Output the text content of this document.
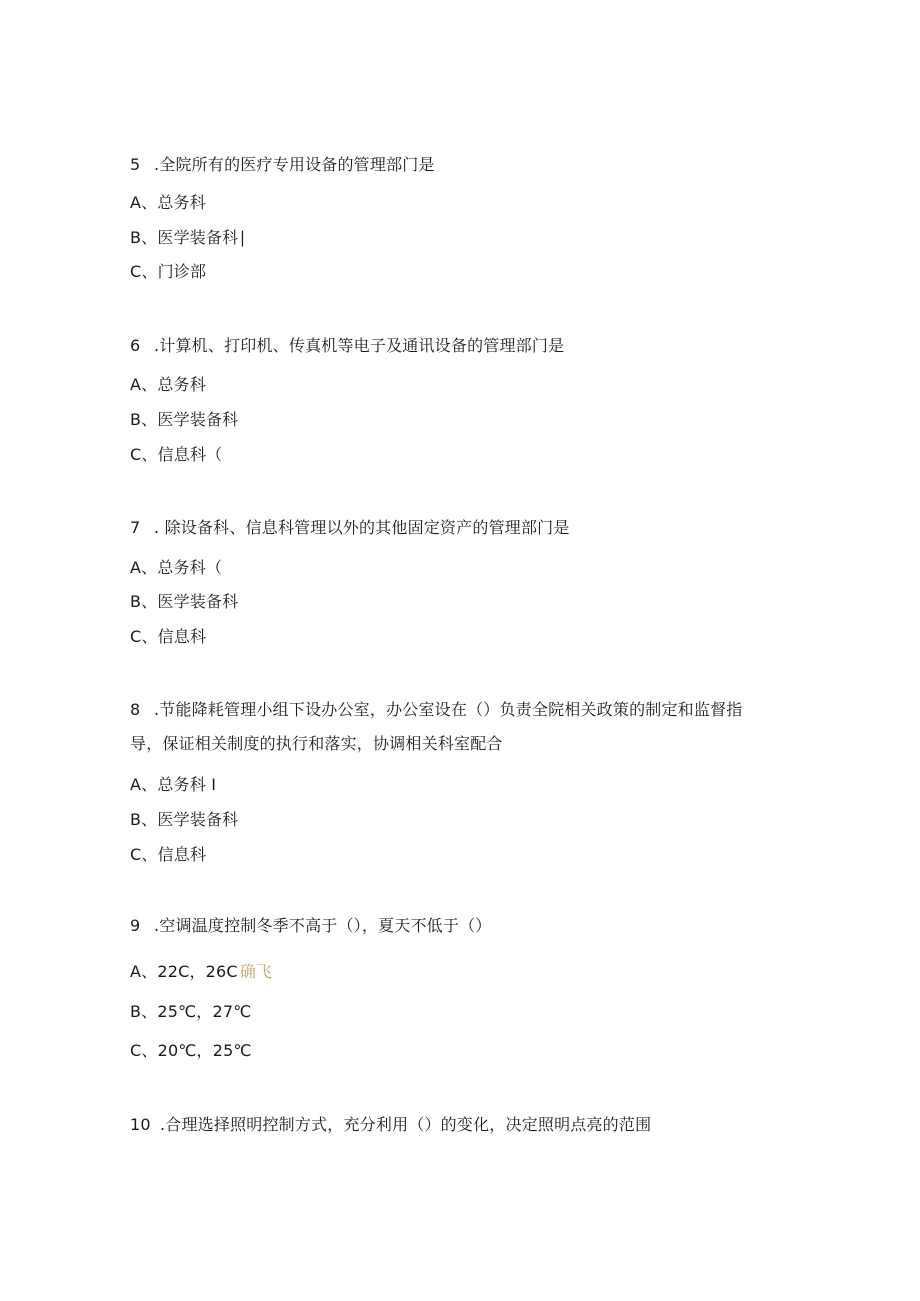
5 .全院所有的医疗专用设备的管理部门是
A、总务科
B、医学装备科∣
C、门诊部
6 .计算机、打印机、传真机等电子及通讯设备的管理部门是
A、总务科
B、医学装备科
C、信息科（
7 . 除设备科、信息科管理以外的其他固定资产的管理部门是
A、总务科（
B、医学装备科
C、信息科
8 .节能降耗管理小组下设办公室，办公室设在（）负责全院相关政策的制定和监督指
导，保证相关制度的执行和落实，协调相关科室配合
A、总务科 I
B、医学装备科
C、信息科
9 .空调温度控制冬季不高于（），夏天不低于（）
A、22C，26C 确飞
B、25℃，27℃
C、20℃，25℃
10 .合理选择照明控制方式，充分利用（）的变化，决定照明点亮的范围
